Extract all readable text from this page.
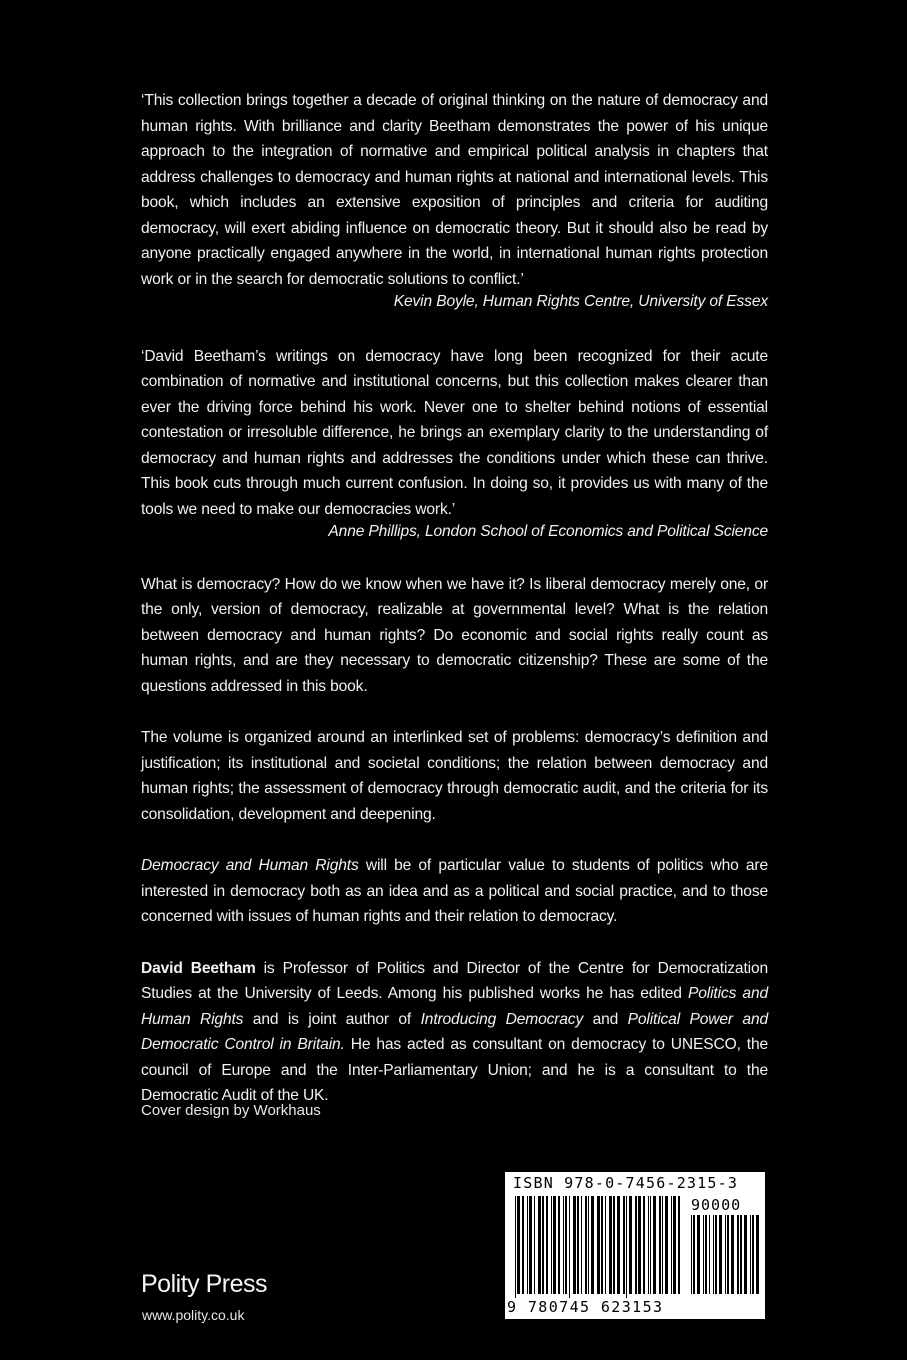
‘This collection brings together a decade of original thinking on the nature of democracy and human rights. With brilliance and clarity Beetham demonstrates the power of his unique approach to the integration of normative and empirical political analysis in chapters that address challenges to democracy and human rights at national and international levels. This book, which includes an extensive exposition of principles and criteria for auditing democracy, will exert abiding influence on democratic theory. But it should also be read by anyone practically engaged anywhere in the world, in international human rights protection work or in the search for democratic solutions to conflict.’

Kevin Boyle, Human Rights Centre, University of Essex

‘David Beetham’s writings on democracy have long been recognized for their acute combination of normative and institutional concerns, but this collection makes clearer than ever the driving force behind his work. Never one to shelter behind notions of essential contestation or irresoluble difference, he brings an exemplary clarity to the understanding of democracy and human rights and addresses the conditions under which these can thrive. This book cuts through much current confusion. In doing so, it provides us with many of the tools we need to make our democracies work.’

Anne Phillips, London School of Economics and Political Science

What is democracy? How do we know when we have it? Is liberal democracy merely one, or the only, version of democracy, realizable at governmental level? What is the relation between democracy and human rights? Do economic and social rights really count as human rights, and are they necessary to democratic citizenship? These are some of the questions addressed in this book.

The volume is organized around an interlinked set of problems: democracy’s definition and justification; its institutional and societal conditions; the relation between democracy and human rights; the assessment of democracy through democratic audit, and the criteria for its consolidation, development and deepening.

Democracy and Human Rights will be of particular value to students of politics who are interested in democracy both as an idea and as a political and social practice, and to those concerned with issues of human rights and their relation to democracy.

David Beetham is Professor of Politics and Director of the Centre for Democratization Studies at the University of Leeds. Among his published works he has edited Politics and Human Rights and is joint author of Introducing Democracy and Political Power and Democratic Control in Britain. He has acted as consultant on democracy to UNESCO, the council of Europe and the Inter-Parliamentary Union; and he is a consultant to the Democratic Audit of the UK.

Cover design by Workhaus
Polity Press
www.polity.co.uk
ISBN 978-0-7456-2315-3
90000
9 780745 623153
